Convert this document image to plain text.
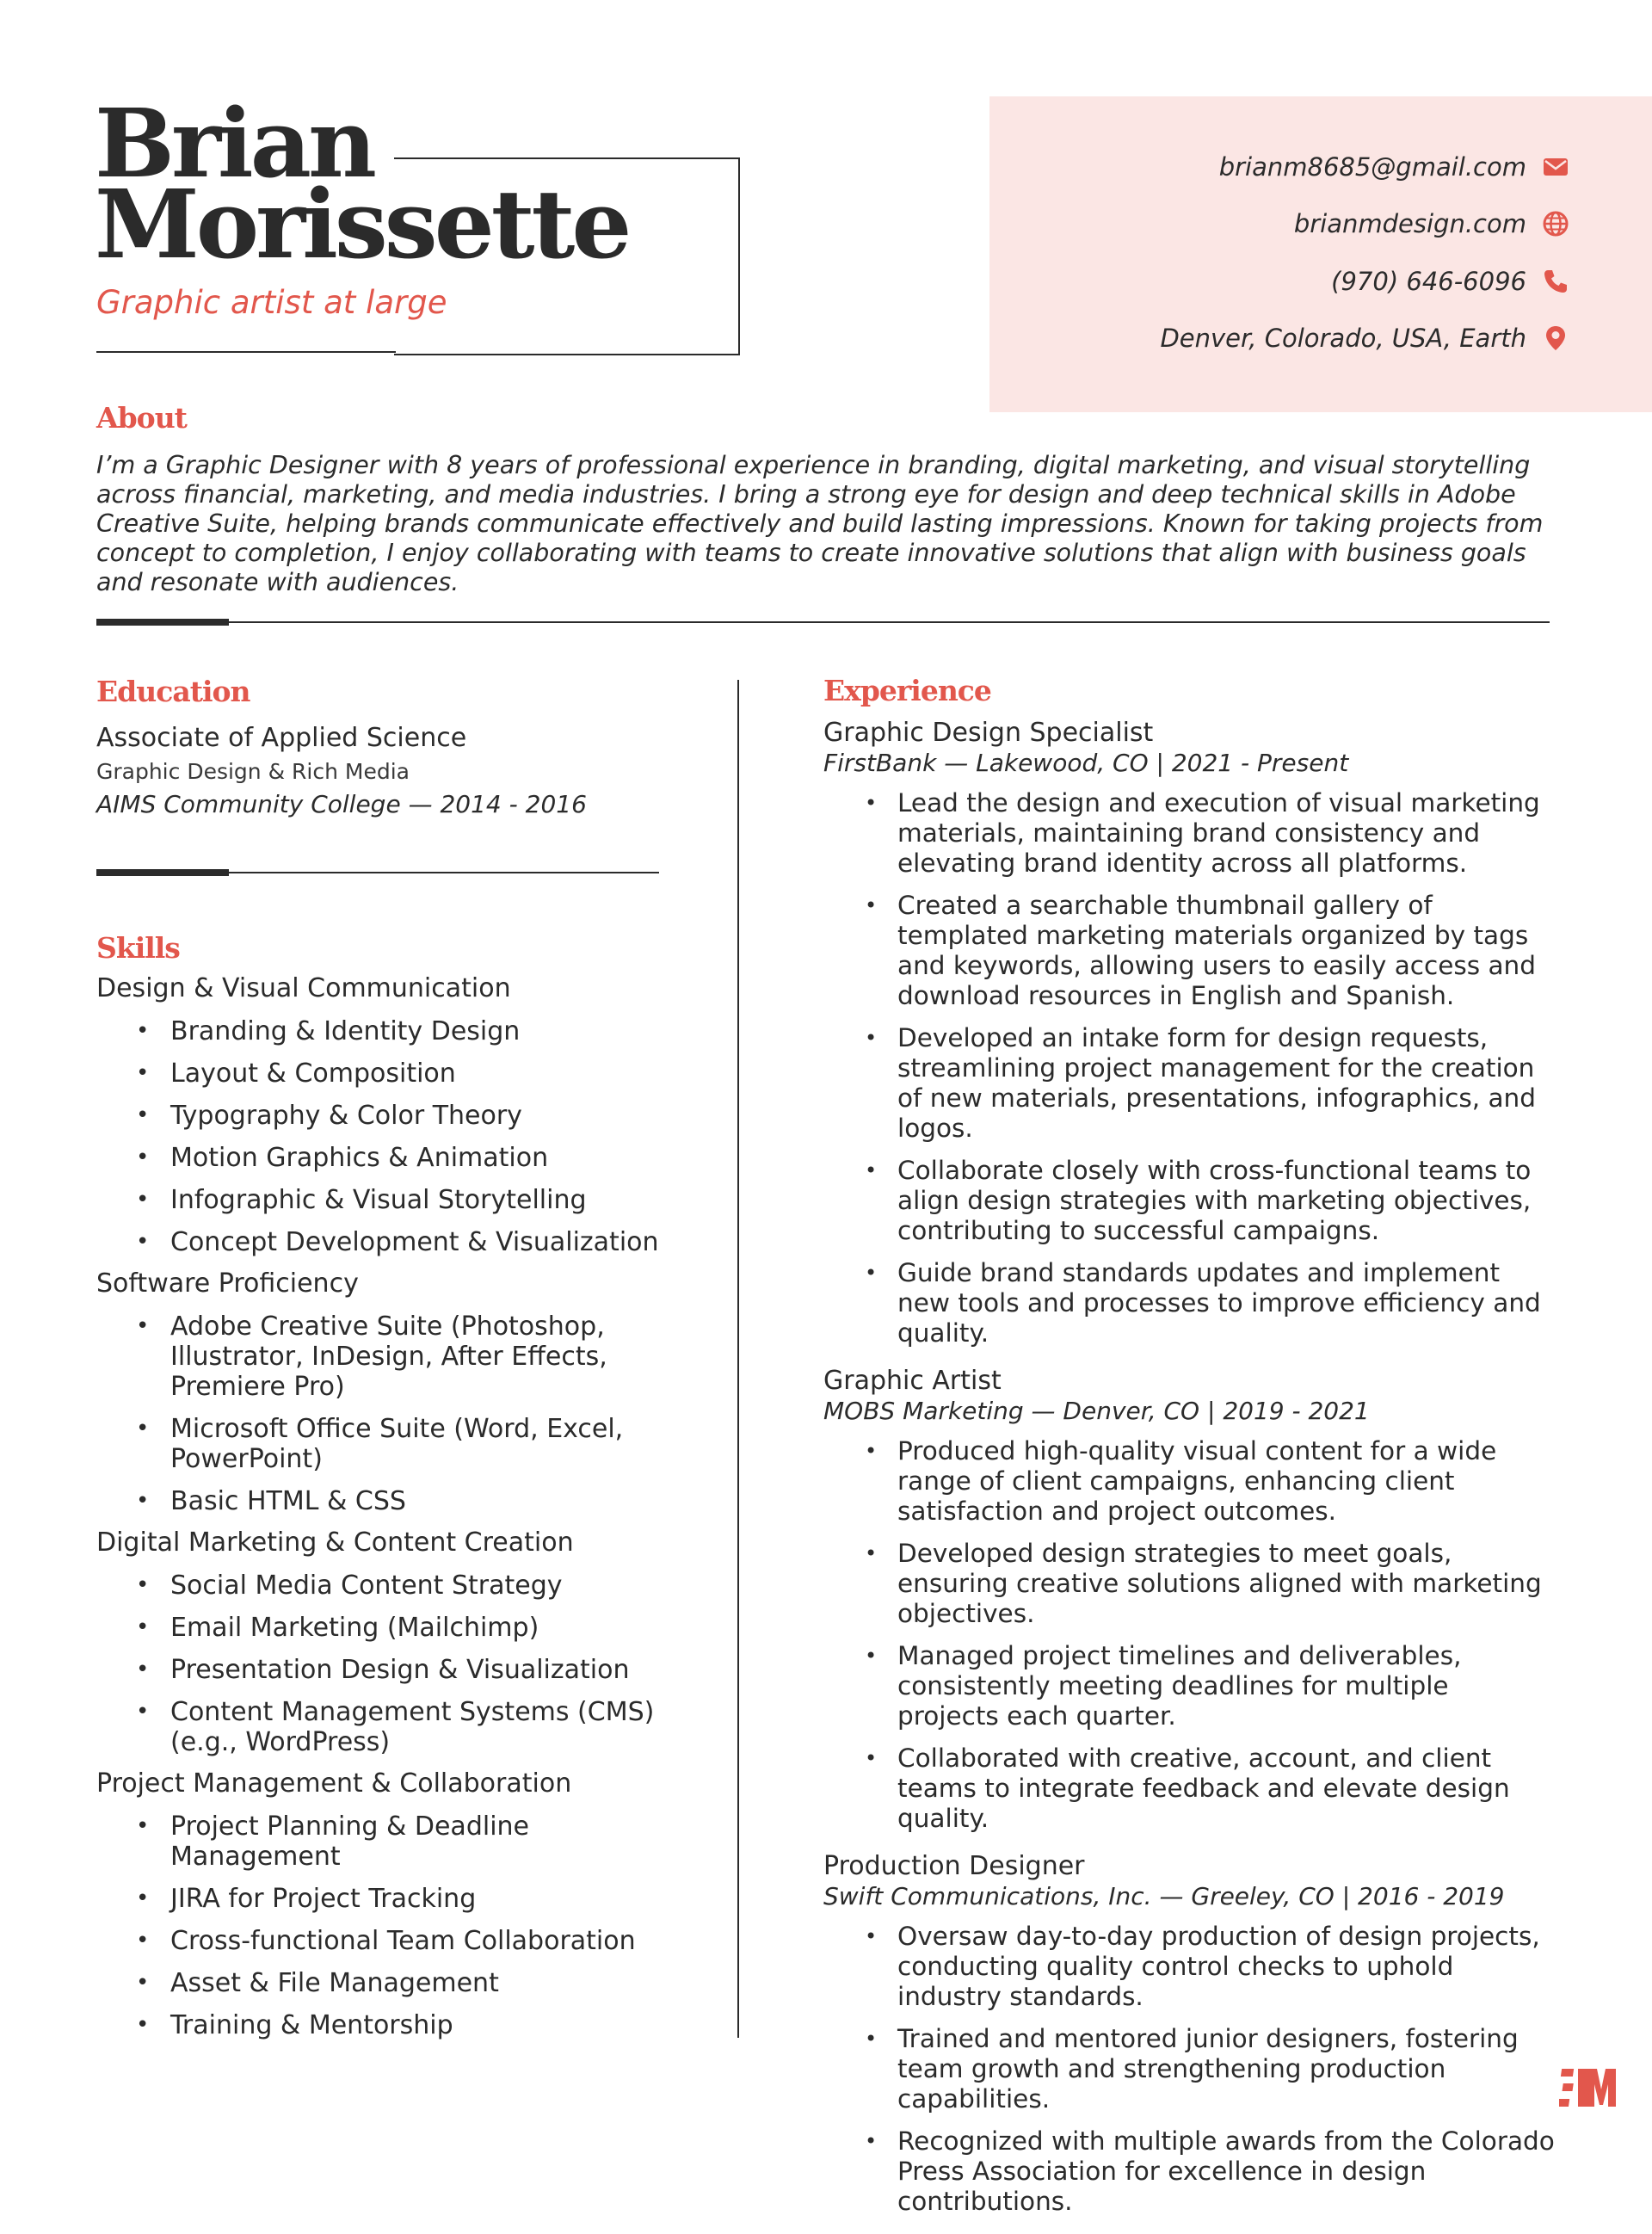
Brian
Morissette
Graphic artist at large
brianm8685@gmail.com
brianmdesign.com
(970) 646-6096
Denver, Colorado, USA, Earth
About
I’m a Graphic Designer with 8 years of professional experience in branding, digital marketing, and visual storytelling across financial, marketing, and media industries. I bring a strong eye for design and deep technical skills in Adobe Creative Suite, helping brands communicate effectively and build lasting impressions. Known for taking projects from concept to completion, I enjoy collaborating with teams to create innovative solutions that align with business goals and resonate with audiences.
Education
Associate of Applied Science
Graphic Design & Rich Media
AIMS Community College — 2014 - 2016
Skills
Design & Visual Communication
• Branding & Identity Design
• Layout & Composition
• Typography & Color Theory
• Motion Graphics & Animation
• Infographic & Visual Storytelling
• Concept Development & Visualization
Software Proficiency
• Adobe Creative Suite (Photoshop, Illustrator, InDesign, After Effects, Premiere Pro)
• Microsoft Office Suite (Word, Excel, PowerPoint)
• Basic HTML & CSS
Digital Marketing & Content Creation
• Social Media Content Strategy
• Email Marketing (Mailchimp)
• Presentation Design & Visualization
• Content Management Systems (CMS) (e.g., WordPress)
Project Management & Collaboration
• Project Planning & Deadline Management
• JIRA for Project Tracking
• Cross-functional Team Collaboration
• Asset & File Management
• Training & Mentorship
Experience
Graphic Design Specialist
FirstBank — Lakewood, CO | 2021 - Present
• Lead the design and execution of visual marketing materials, maintaining brand consistency and elevating brand identity across all platforms.
• Created a searchable thumbnail gallery of templated marketing materials organized by tags and keywords, allowing users to easily access and download resources in English and Spanish.
• Developed an intake form for design requests, streamlining project management for the creation of new materials, presentations, infographics, and logos.
• Collaborate closely with cross-functional teams to align design strategies with marketing objectives, contributing to successful campaigns.
• Guide brand standards updates and implement new tools and processes to improve efficiency and quality.
Graphic Artist
MOBS Marketing — Denver, CO | 2019 - 2021
• Produced high-quality visual content for a wide range of client campaigns, enhancing client satisfaction and project outcomes.
• Developed design strategies to meet goals, ensuring creative solutions aligned with marketing objectives.
• Managed project timelines and deliverables, consistently meeting deadlines for multiple projects each quarter.
• Collaborated with creative, account, and client teams to integrate feedback and elevate design quality.
Production Designer
Swift Communications, Inc. — Greeley, CO | 2016 - 2019
• Oversaw day-to-day production of design projects, conducting quality control checks to uphold industry standards.
• Trained and mentored junior designers, fostering team growth and strengthening production capabilities.
• Recognized with multiple awards from the Colorado Press Association for excellence in design contributions.
